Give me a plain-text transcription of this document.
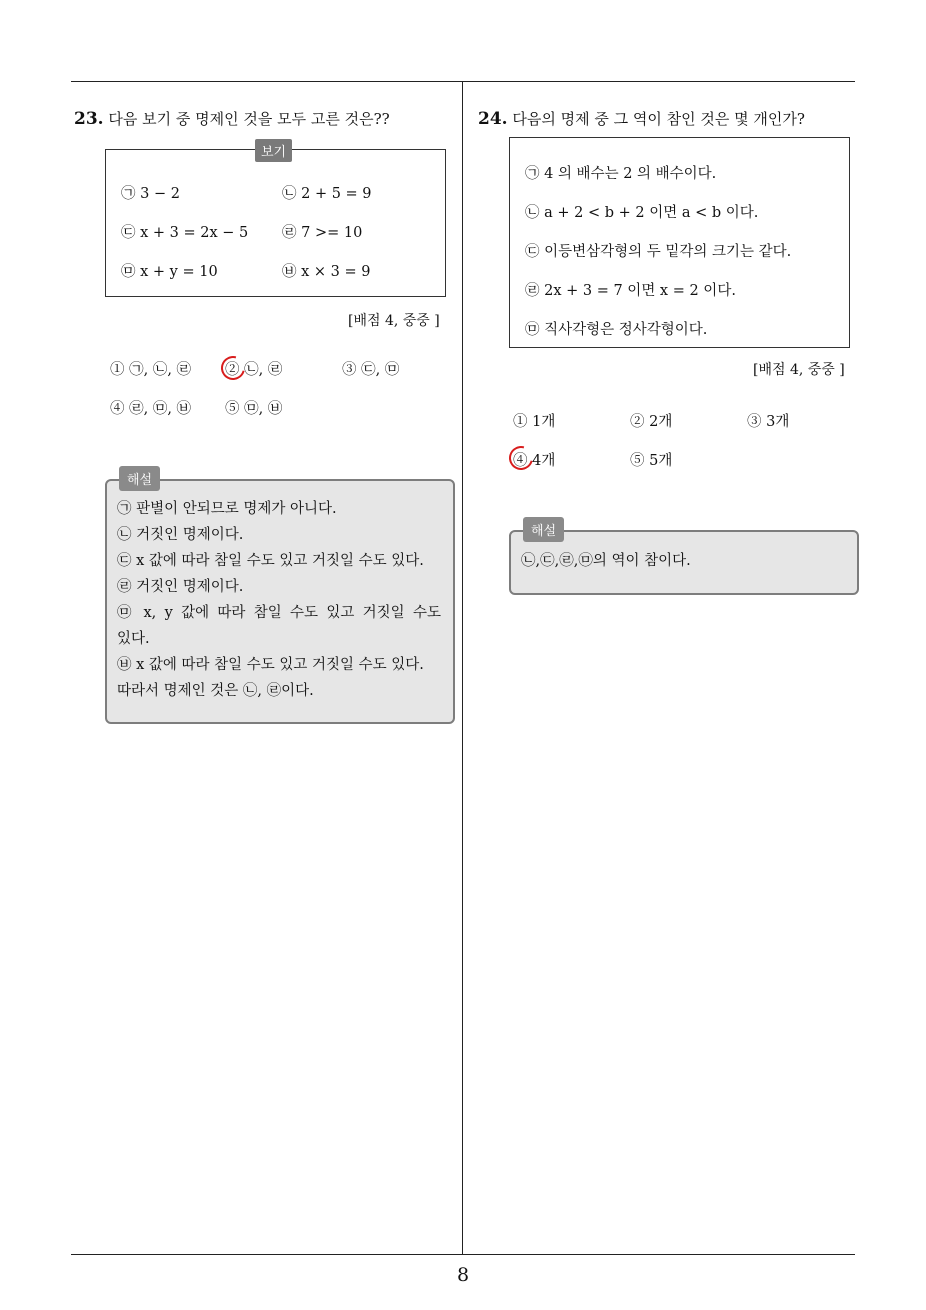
8
23. 다음 보기 중 명제인 것을 모두 고른 것은??
보기
㉠ 3 − 2	㉡ 2 + 5 = 9
㉢ x + 3 = 2x − 5 ㉣ 7 >= 10
㉤ x + y = 10	㉥ x × 3 = 9
[배점 4, 중중 ]
① ㉠, ㉡, ㉣ ② ㉡, ㉣	③ ㉢, ㉤
④ ㉣, ㉤, ㉥ ⑤ ㉤, ㉥
해설
㉠ 판별이 안되므로 명제가 아니다.
㉡ 거짓인 명제이다.
㉢ x 값에 따라 참일 수도 있고 거짓일 수도 있다.
㉣ 거짓인 명제이다.
㉤ x, y 값에 따라 참일 수도 있고 거짓일 수도
있다.
㉥ x 값에 따라 참일 수도 있고 거짓일 수도 있다.
따라서 명제인 것은 ㉡, ㉣이다.
24. 다음의 명제 중 그 역이 참인 것은 몇 개인가?
㉠ 4 의 배수는 2 의 배수이다.
㉡ a + 2 < b + 2 이면 a < b 이다.
㉢ 이등변삼각형의 두 밑각의 크기는 같다.
㉣ 2x + 3 = 7 이면 x = 2 이다.
㉤ 직사각형은 정사각형이다.
[배점 4, 중중 ]
① 1개	② 2개	③ 3개
④ 4개	⑤ 5개
해설
㉡,㉢,㉣,㉤의 역이 참이다.
